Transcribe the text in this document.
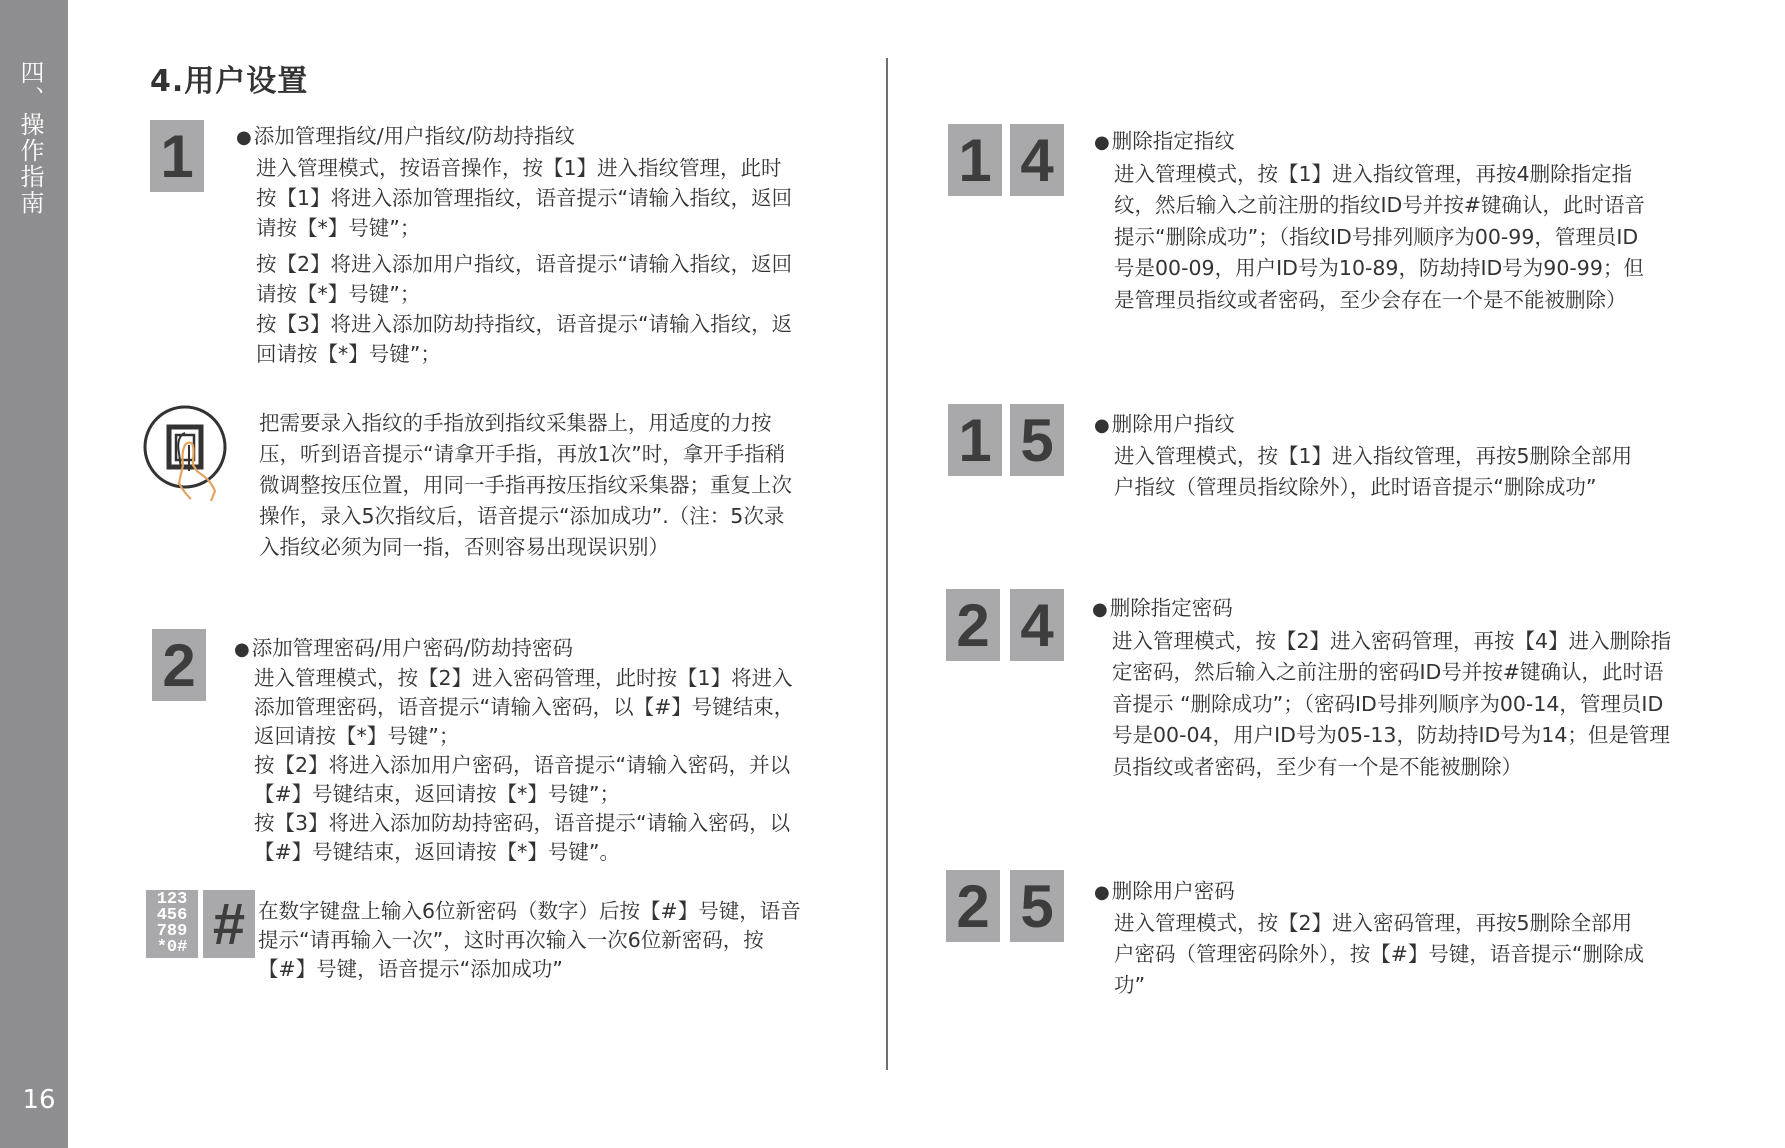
四、操作指南
16
4.用户设置
1	● 添加管理指纹/用户指纹/防劫持指纹

进入管理模式，按语音操作，按【1】进入指纹管理，此时按【1】将进入添加管理指纹，语音提示“请输入指纹，返回请按【*】号键”；

按【2】将进入添加用户指纹，语音提示“请输入指纹，返回请按【*】号键”；

按【3】将进入添加防劫持指纹，语音提示“请输入指纹，返回请按【*】号键”；

把需要录入指纹的手指放到指纹采集器上，用适度的力按压，听到语音提示“请拿开手指，再放1次”时，拿开手指稍微调整按压位置，用同一手指再按压指纹采集器；重复上次操作，录入5次指纹后，语音提示“添加成功”.（注：5次录入指纹必须为同一指，否则容易出现误识别）
2	● 添加管理密码/用户密码/防劫持密码

进入管理模式，按【2】进入密码管理，此时按【1】将进入添加管理密码，语音提示“请输入密码，以【#】号键结束，返回请按【*】号键”；

按【2】将进入添加用户密码，语音提示“请输入密码，并以【#】号键结束，返回请按【*】号键”；

按【3】将进入添加防劫持密码，语音提示“请输入密码，以【#】号键结束，返回请按【*】号键”。

123
456
789
*0# # 在数字键盘上输入6位新密码（数字）后按【#】号键，语音提示“请再输入一次”，这时再次输入一次6位新密码，按【#】号键，语音提示“添加成功”
1 4	● 删除指定指纹
进入管理模式，按【1】进入指纹管理，再按4删除指定指纹，然后输入之前注册的指纹ID号并按#键确认，此时语音提示“删除成功”；（指纹ID号排列顺序为00-99，管理员ID号是00-09，用户ID号为10-89，防劫持ID号为90-99；但是管理员指纹或者密码，至少会存在一个是不能被删除）
1 5	● 删除用户指纹
进入管理模式，按【1】进入指纹管理，再按5删除全部用户指纹（管理员指纹除外），此时语音提示“删除成功”
2 4	● 删除指定密码
进入管理模式，按【2】进入密码管理，再按【4】进入删除指定密码，然后输入之前注册的密码ID号并按#键确认，此时语音提示 “删除成功”；（密码ID号排列顺序为00-14，管理员ID号是00-04，用户ID号为05-13，防劫持ID号为14；但是管理员指纹或者密码，至少有一个是不能被删除）
2 5	● 删除用户密码
进入管理模式，按【2】进入密码管理，再按5删除全部用户密码（管理密码除外），按【#】号键，语音提示“删除成功”
